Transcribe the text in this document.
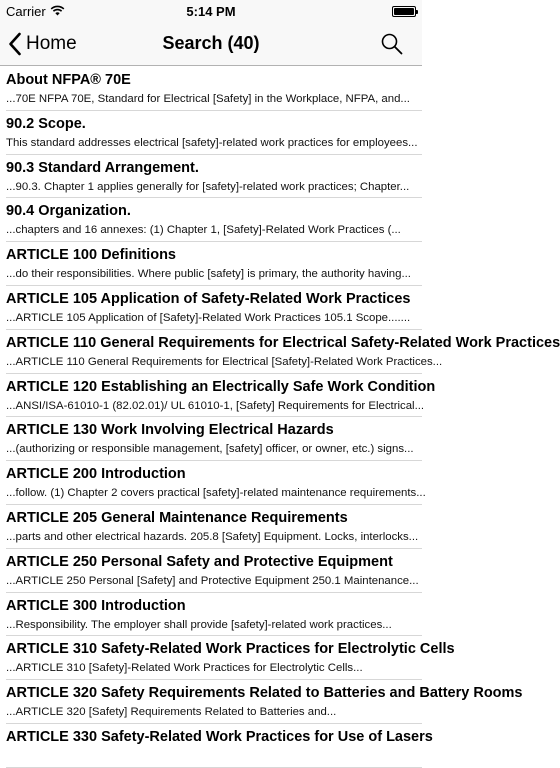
Carrier	5:14 PM
Home	Search (40)
About NFPA® 70E
...70E NFPA 70E, Standard for Electrical [Safety] in the Workplace, NFPA, and...
90.2 Scope.
This standard addresses electrical [safety]-related work practices for employees...
90.3 Standard Arrangement.
...90.3. Chapter 1 applies generally for [safety]-related work practices; Chapter...
90.4 Organization.
...chapters and 16 annexes: (1) Chapter 1, [Safety]-Related Work Practices (...
ARTICLE 100 Definitions
...do their responsibilities. Where public [safety] is primary, the authority having...
ARTICLE 105 Application of Safety-Related Work Practices
...ARTICLE 105 Application of [Safety]-Related Work Practices 105.1 Scope.......
ARTICLE 110 General Requirements for Electrical Safety-Related Work Practices
...ARTICLE 110 General Requirements for Electrical [Safety]-Related Work Practices...
ARTICLE 120 Establishing an Electrically Safe Work Condition
...ANSI/ISA-61010-1 (82.02.01)/ UL 61010-1, [Safety] Requirements for Electrical...
ARTICLE 130 Work Involving Electrical Hazards
...(authorizing or responsible management, [safety] officer, or owner, etc.) signs...
ARTICLE 200 Introduction
...follow. (1) Chapter 2 covers practical [safety]-related maintenance requirements...
ARTICLE 205 General Maintenance Requirements
...parts and other electrical hazards. 205.8 [Safety] Equipment. Locks, interlocks...
ARTICLE 250 Personal Safety and Protective Equipment
...ARTICLE 250 Personal [Safety] and Protective Equipment 250.1 Maintenance...
ARTICLE 300 Introduction
...Responsibility. The employer shall provide [safety]-related work practices...
ARTICLE 310 Safety-Related Work Practices for Electrolytic Cells
...ARTICLE 310 [Safety]-Related Work Practices for Electrolytic Cells...
ARTICLE 320 Safety Requirements Related to Batteries and Battery Rooms
...ARTICLE 320 [Safety] Requirements Related to Batteries and...
ARTICLE 330 Safety-Related Work Practices for Use of Lasers
